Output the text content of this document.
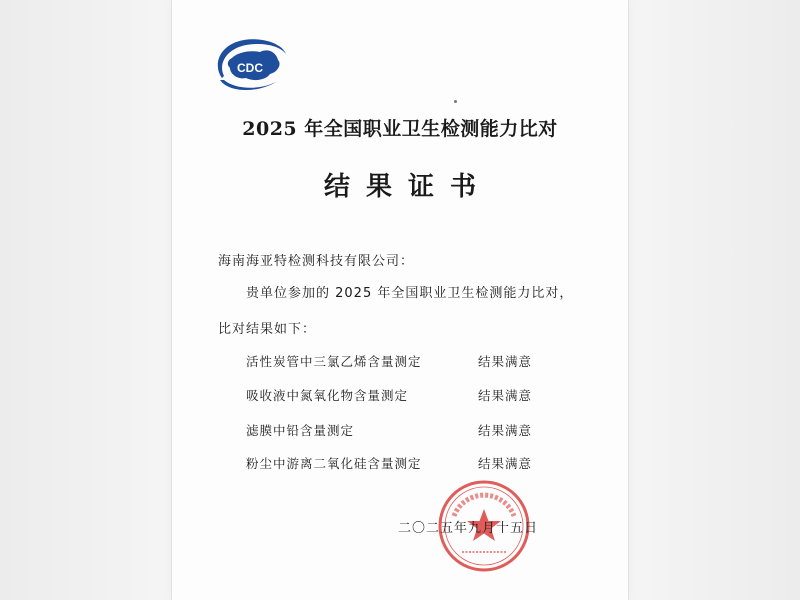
CDC
2025 年全国职业卫生检测能力比对
结果证书
海南海亚特检测科技有限公司：
贵单位参加的 2025 年全国职业卫生检测能力比对，
比对结果如下：
活性炭管中三氯乙烯含量测定	结果满意
吸收液中氮氧化物含量测定	结果满意
滤膜中铅含量测定	结果满意
粉尘中游离二氧化硅含量测定	结果满意
二〇二五年九月十五日
